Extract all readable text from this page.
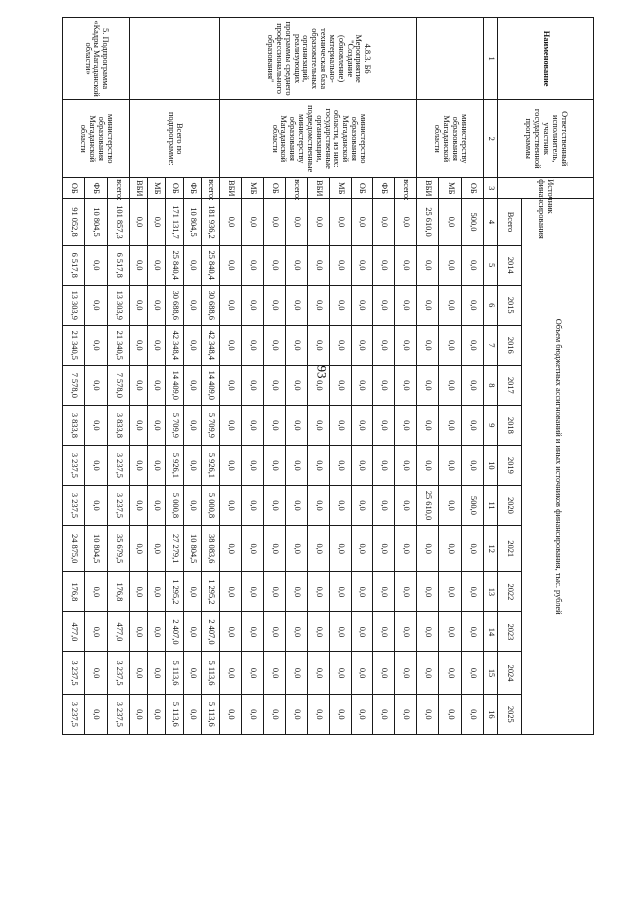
93
Наименование	Ответственный исполнитель, участник государственной программы	Источник финансирования	Объем бюджетных ассигнований и иных источников финансирования, тыс. рублей												
			Всего	2014	2015	2016	2017	2018	2019	2020	2021	2022	2023	2024	2025
1	2	3	4	5	6	7	8	9	10	11	12	13	14	15	16
	министерству образования Магаданской области	ОБ	500,0	0,0	0,0	0,0	0,0	0,0	0,0	500,0	0,0	0,0	0,0	0,0	0,0
		МБ	0,0	0,0	0,0	0,0	0,0	0,0	0,0	0,0	0,0	0,0	0,0	0,0	0,0
		ВБИ	25 610,0	0,0	0,0	0,0	0,0	0,0	0,0	25 610,0	0,0	0,0	0,0	0,0	0,0
4.8.3. Б6 Мероприятие "Создание (обновление) материально-техническая база образовательных организаций, реализующих программы среднего профессионального образования"	министерство образования Магаданской области, из них: государственные организации, подведомственные министерству образования Магаданской области	всего:	0,0	0,0	0,0	0,0	0,0	0,0	0,0	0,0	0,0	0,0	0,0	0,0	0,0
		ФБ	0,0	0,0	0,0	0,0	0,0	0,0	0,0	0,0	0,0	0,0	0,0	0,0	0,0
		ОБ	0,0	0,0	0,0	0,0	0,0	0,0	0,0	0,0	0,0	0,0	0,0	0,0	0,0
		МБ	0,0	0,0	0,0	0,0	0,0	0,0	0,0	0,0	0,0	0,0	0,0	0,0	0,0
		ВБИ	0,0	0,0	0,0	0,0	0,0	0,0	0,0	0,0	0,0	0,0	0,0	0,0	0,0
		всего:	0,0	0,0	0,0	0,0	0,0	0,0	0,0	0,0	0,0	0,0	0,0	0,0	0,0
		ОБ	0,0	0,0	0,0	0,0	0,0	0,0	0,0	0,0	0,0	0,0	0,0	0,0	0,0
		МБ	0,0	0,0	0,0	0,0	0,0	0,0	0,0	0,0	0,0	0,0	0,0	0,0	0,0
		ВБИ	0,0	0,0	0,0	0,0	0,0	0,0	0,0	0,0	0,0	0,0	0,0	0,0	0,0
	Всего по подпрограмме:	всего:	181 936,2	25 840,4	30 688,6	42 348,4	14 409,0	5 709,9	5 926,1	5 000,8	38 083,6	1 295,2	2 407,0	5 113,6	5 113,6
		ФБ	10 804,5	0,0	0,0	0,0	0,0	0,0	0,0	0,0	10 804,5	0,0	0,0	0,0	0,0
		ОБ	171 131,7	25 840,4	30 688,6	42 348,4	14 409,0	5 709,9	5 926,1	5 000,8	27 279,1	1 295,2	2 407,0	5 113,6	5 113,6
		МБ	0,0	0,0	0,0	0,0	0,0	0,0	0,0	0,0	0,0	0,0	0,0	0,0	0,0
		ВБИ	0,0	0,0	0,0	0,0	0,0	0,0	0,0	0,0	0,0	0,0	0,0	0,0	0,0
5. Подпрограмма «Кадры Магаданской области»	министерство образования Магаданской области	всего:	101 857,3	6 517,8	13 303,9	21 340,5	7 578,0	3 833,8	3 237,5	3 237,5	35 679,5	176,8	477,0	3 237,5	3 237,5
		ФБ	10 804,5	0,0	0,0	0,0	0,0	0,0	0,0	0,0	10 804,5	0,0	0,0	0,0	0,0
		ОБ	91 052,8	6 517,8	13 303,9	21 340,5	7 578,0	3 833,8	3 237,5	3 237,5	24 875,0	176,8	477,0	3 237,5	3 237,5
